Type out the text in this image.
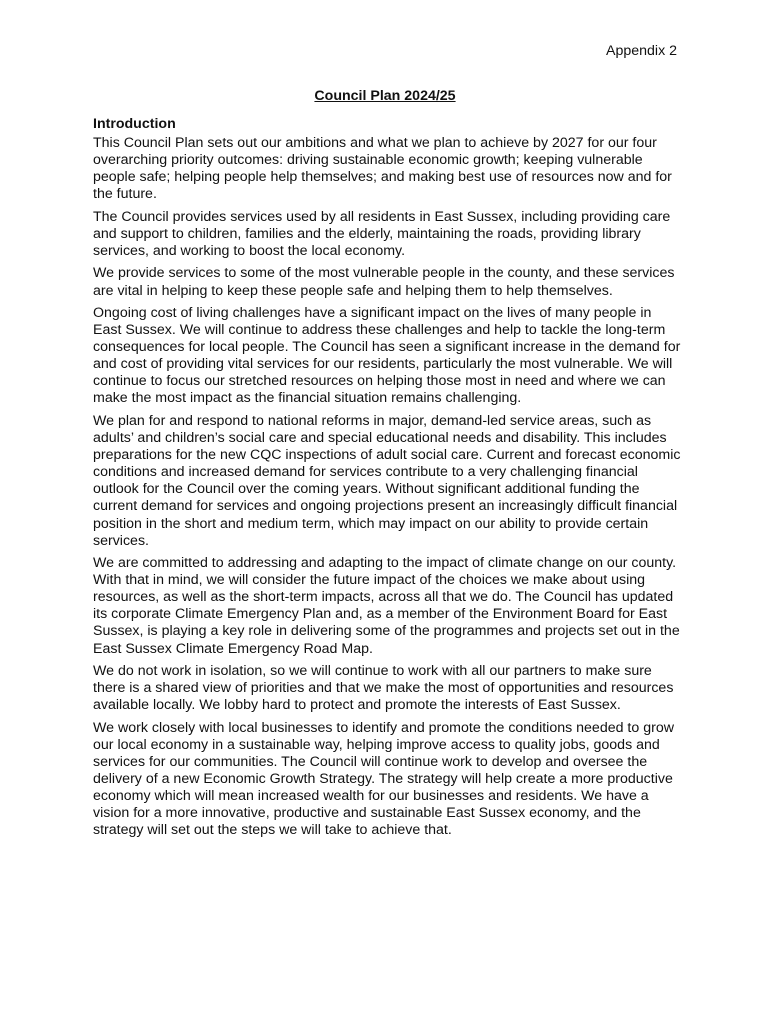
Appendix 2

Council Plan 2024/25

Introduction

This Council Plan sets out our ambitions and what we plan to achieve by 2027 for our four overarching priority outcomes: driving sustainable economic growth; keeping vulnerable people safe; helping people help themselves; and making best use of resources now and for the future.

The Council provides services used by all residents in East Sussex, including providing care and support to children, families and the elderly, maintaining the roads, providing library services, and working to boost the local economy.

We provide services to some of the most vulnerable people in the county, and these services are vital in helping to keep these people safe and helping them to help themselves.

Ongoing cost of living challenges have a significant impact on the lives of many people in East Sussex. We will continue to address these challenges and help to tackle the long-term consequences for local people. The Council has seen a significant increase in the demand for and cost of providing vital services for our residents, particularly the most vulnerable. We will continue to focus our stretched resources on helping those most in need and where we can make the most impact as the financial situation remains challenging.

We plan for and respond to national reforms in major, demand-led service areas, such as adults’ and children’s social care and special educational needs and disability. This includes preparations for the new CQC inspections of adult social care. Current and forecast economic conditions and increased demand for services contribute to a very challenging financial outlook for the Council over the coming years. Without significant additional funding the current demand for services and ongoing projections present an increasingly difficult financial position in the short and medium term, which may impact on our ability to provide certain services.

We are committed to addressing and adapting to the impact of climate change on our county. With that in mind, we will consider the future impact of the choices we make about using resources, as well as the short-term impacts, across all that we do. The Council has updated its corporate Climate Emergency Plan and, as a member of the Environment Board for East Sussex, is playing a key role in delivering some of the programmes and projects set out in the East Sussex Climate Emergency Road Map.

We do not work in isolation, so we will continue to work with all our partners to make sure there is a shared view of priorities and that we make the most of opportunities and resources available locally. We lobby hard to protect and promote the interests of East Sussex.

We work closely with local businesses to identify and promote the conditions needed to grow our local economy in a sustainable way, helping improve access to quality jobs, goods and services for our communities. The Council will continue work to develop and oversee the delivery of a new Economic Growth Strategy. The strategy will help create a more productive economy which will mean increased wealth for our businesses and residents. We have a vision for a more innovative, productive and sustainable East Sussex economy, and the strategy will set out the steps we will take to achieve that.
